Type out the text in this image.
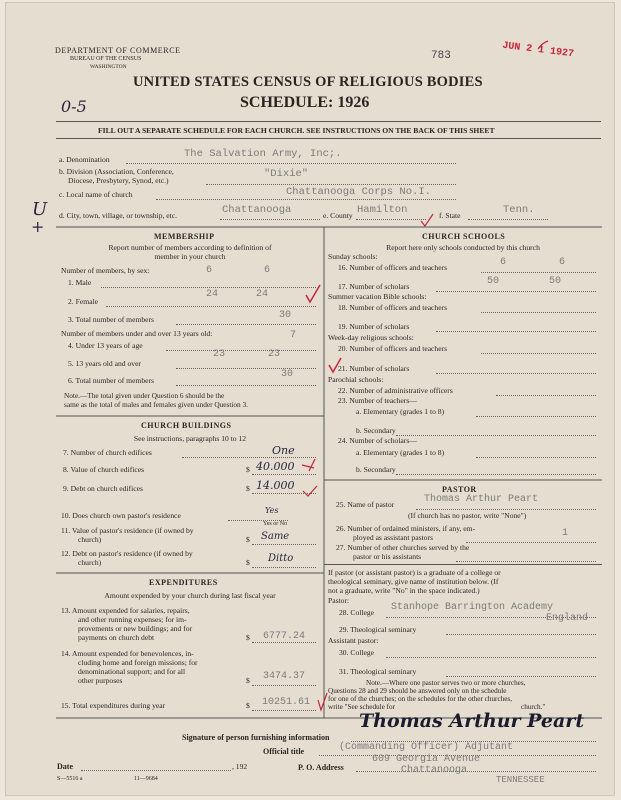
DEPARTMENT OF COMMERCE
BUREAU OF THE CENSUS
WASHINGTON
783	JUN 2 1 1927
UNITED STATES CENSUS OF RELIGIOUS BODIES
SCHEDULE: 1926
0-5
U
+
FILL OUT A SEPARATE SCHEDULE FOR EACH CHURCH. SEE INSTRUCTIONS ON THE BACK OF THIS SHEET
a. Denomination	The Salvation Army, Inc;.
b. Division (Association, Conference,
Diocese, Presbytery, Synod, etc.)
"Dixie"
c. Local name of church	Chattanooga Corps No.I.
d. City, town, village, or township, etc.	Chattanooga	e. County Hamilton	f. State	Tenn.
MEMBERSHIP
Report number of members according to definition of
member in your church
Number of members, by sex:
1. Male
6	6
2. Female
24	24
3. Total number of members	30
Number of members under and over 13 years old:
4. Under 13 years of age
7
5. 13 years old and over
23	23
6. Total number of members
30
Note.—The total given under Question 6 should be the
same as the total of males and females given under Question 3.
CHURCH BUILDINGS
See instructions, paragraphs 10 to 12
7. Number of church edifices	One
8. Value of church edifices	$ 40.000
9. Debt on church edifices	$ 14.000
10. Does church own pastor's residence
Yes
Yes or No
11. Value of pastor's residence (if owned by
church)	$ Same
12. Debt on pastor's residence (if owned by
church)	$ Ditto
EXPENDITURES
Amount expended by your church during last fiscal year
13. Amount expended for salaries, repairs,
and other running expenses; for im-
provements or new buildings; and for
payments on church debt	$ 6777.24
14. Amount expended for benevolences, in-
cluding home and foreign missions; for
denominational support; and for all
other purposes	$ 3474.37
15. Total expenditures during year	$ 10251.61
CHURCH SCHOOLS
Report here only schools conducted by this church
Sunday schools:
16. Number of officers and teachers	6	6
17. Number of scholars	50	50
Summer vacation Bible schools:
18. Number of officers and teachers
19. Number of scholars
Week-day religious schools:
20. Number of officers and teachers
21. Number of scholars
Parochial schools:
22. Number of administrative officers
23. Number of teachers—
a. Elementary (grades 1 to 8)
b. Secondary
24. Number of scholars—
a. Elementary (grades 1 to 8)
b. Secondary
PASTOR
25. Name of pastor	Thomas Arthur Peart
(If church has no pastor, write "None")
26. Number of ordained ministers, if any, em-
ployed as assistant pastors	1
27. Number of other churches served by the
pastor or his assistants
If pastor (or assistant pastor) is a graduate of a college or
theological seminary, give name of institution below. (If
not a graduate, write "No" in the space indicated.)
Pastor:
28. College Stanhope Barrington Academy
England
29. Theological seminary
Assistant pastor:
30. College
31. Theological seminary
Note.—Where one pastor serves two or more churches,
Questions 28 and 29 should be answered only on the schedule
for one of the churches; on the schedules for the other churches,
write "See schedule for	church."
Signature of person furnishing information
Thomas Arthur Peart
Official title	(Commanding Officer) Adjutant
Date	, 192	P. O. Address
609 Georgia Avenue
Chattanooga
TENNESSEE
S—5516 a	11—9684
